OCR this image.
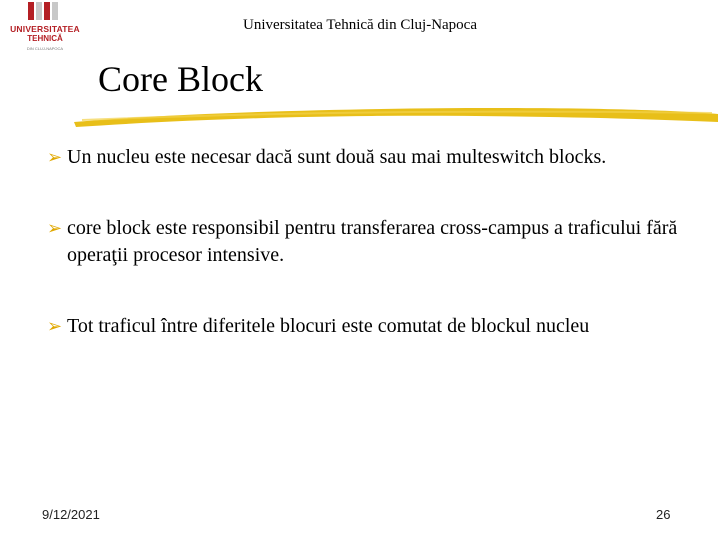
UNIVERSITATEA
TEHNICĂ
DIN CLUJ-NAPOCA
Universitatea Tehnică din Cluj-Napoca
Core Block
➢ Un nucleu este necesar dacă sunt două sau mai multeswitch blocks.
➢ core block este responsibil pentru transferarea cross-campus a traficului fără operaţii procesor intensive.
➢ Tot traficul între diferitele blocuri este comutat de blockul nucleu
9/12/2021	26
